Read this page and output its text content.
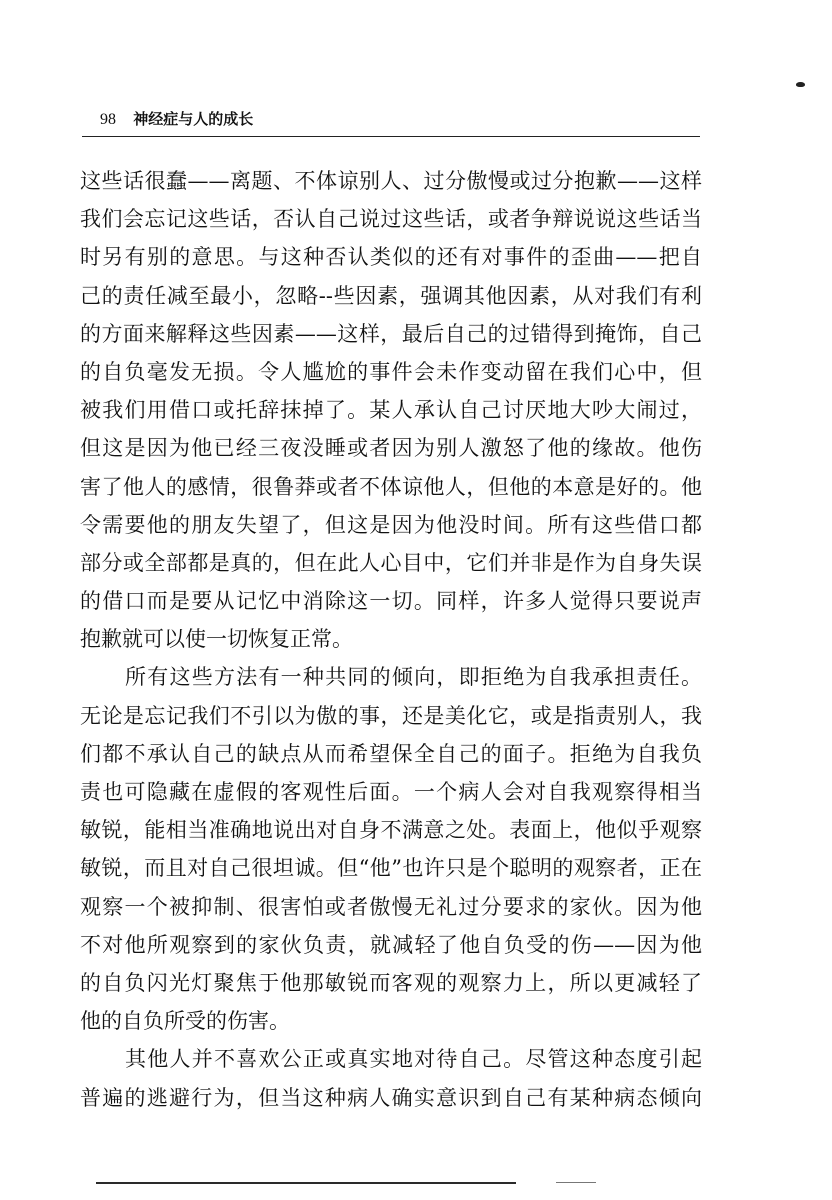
98 神经症与人的成长
这些话很蠢——离题、不体谅别人、过分傲慢或过分抱歉——这样
我们会忘记这些话，否认自己说过这些话，或者争辩说说这些话当
时另有别的意思。与这种否认类似的还有对事件的歪曲——把自
己的责任减至最小，忽略--些因素，强调其他因素，从对我们有利
的方面来解释这些因素——这样，最后自己的过错得到掩饰，自己
的自负毫发无损。令人尴尬的事件会未作变动留在我们心中，但
被我们用借口或托辞抹掉了。某人承认自己讨厌地大吵大闹过，
但这是因为他已经三夜没睡或者因为别人激怒了他的缘故。他伤
害了他人的感情，很鲁莽或者不体谅他人，但他的本意是好的。他
令需要他的朋友失望了，但这是因为他没时间。所有这些借口都
部分或全部都是真的，但在此人心目中，它们并非是作为自身失误
的借口而是要从记忆中消除这一切。同样，许多人觉得只要说声
抱歉就可以使一切恢复正常。
所有这些方法有一种共同的倾向，即拒绝为自我承担责任。
无论是忘记我们不引以为傲的事，还是美化它，或是指责别人，我
们都不承认自己的缺点从而希望保全自己的面子。拒绝为自我负
责也可隐藏在虚假的客观性后面。一个病人会对自我观察得相当
敏锐，能相当准确地说出对自身不满意之处。表面上，他似乎观察
敏锐，而且对自己很坦诚。但“他”也许只是个聪明的观察者，正在
观察一个被抑制、很害怕或者傲慢无礼过分要求的家伙。因为他
不对他所观察到的家伙负责，就减轻了他自负受的伤——因为他
的自负闪光灯聚焦于他那敏锐而客观的观察力上，所以更减轻了
他的自负所受的伤害。
其他人并不喜欢公正或真实地对待自己。尽管这种态度引起
普遍的逃避行为，但当这种病人确实意识到自己有某种病态倾向
